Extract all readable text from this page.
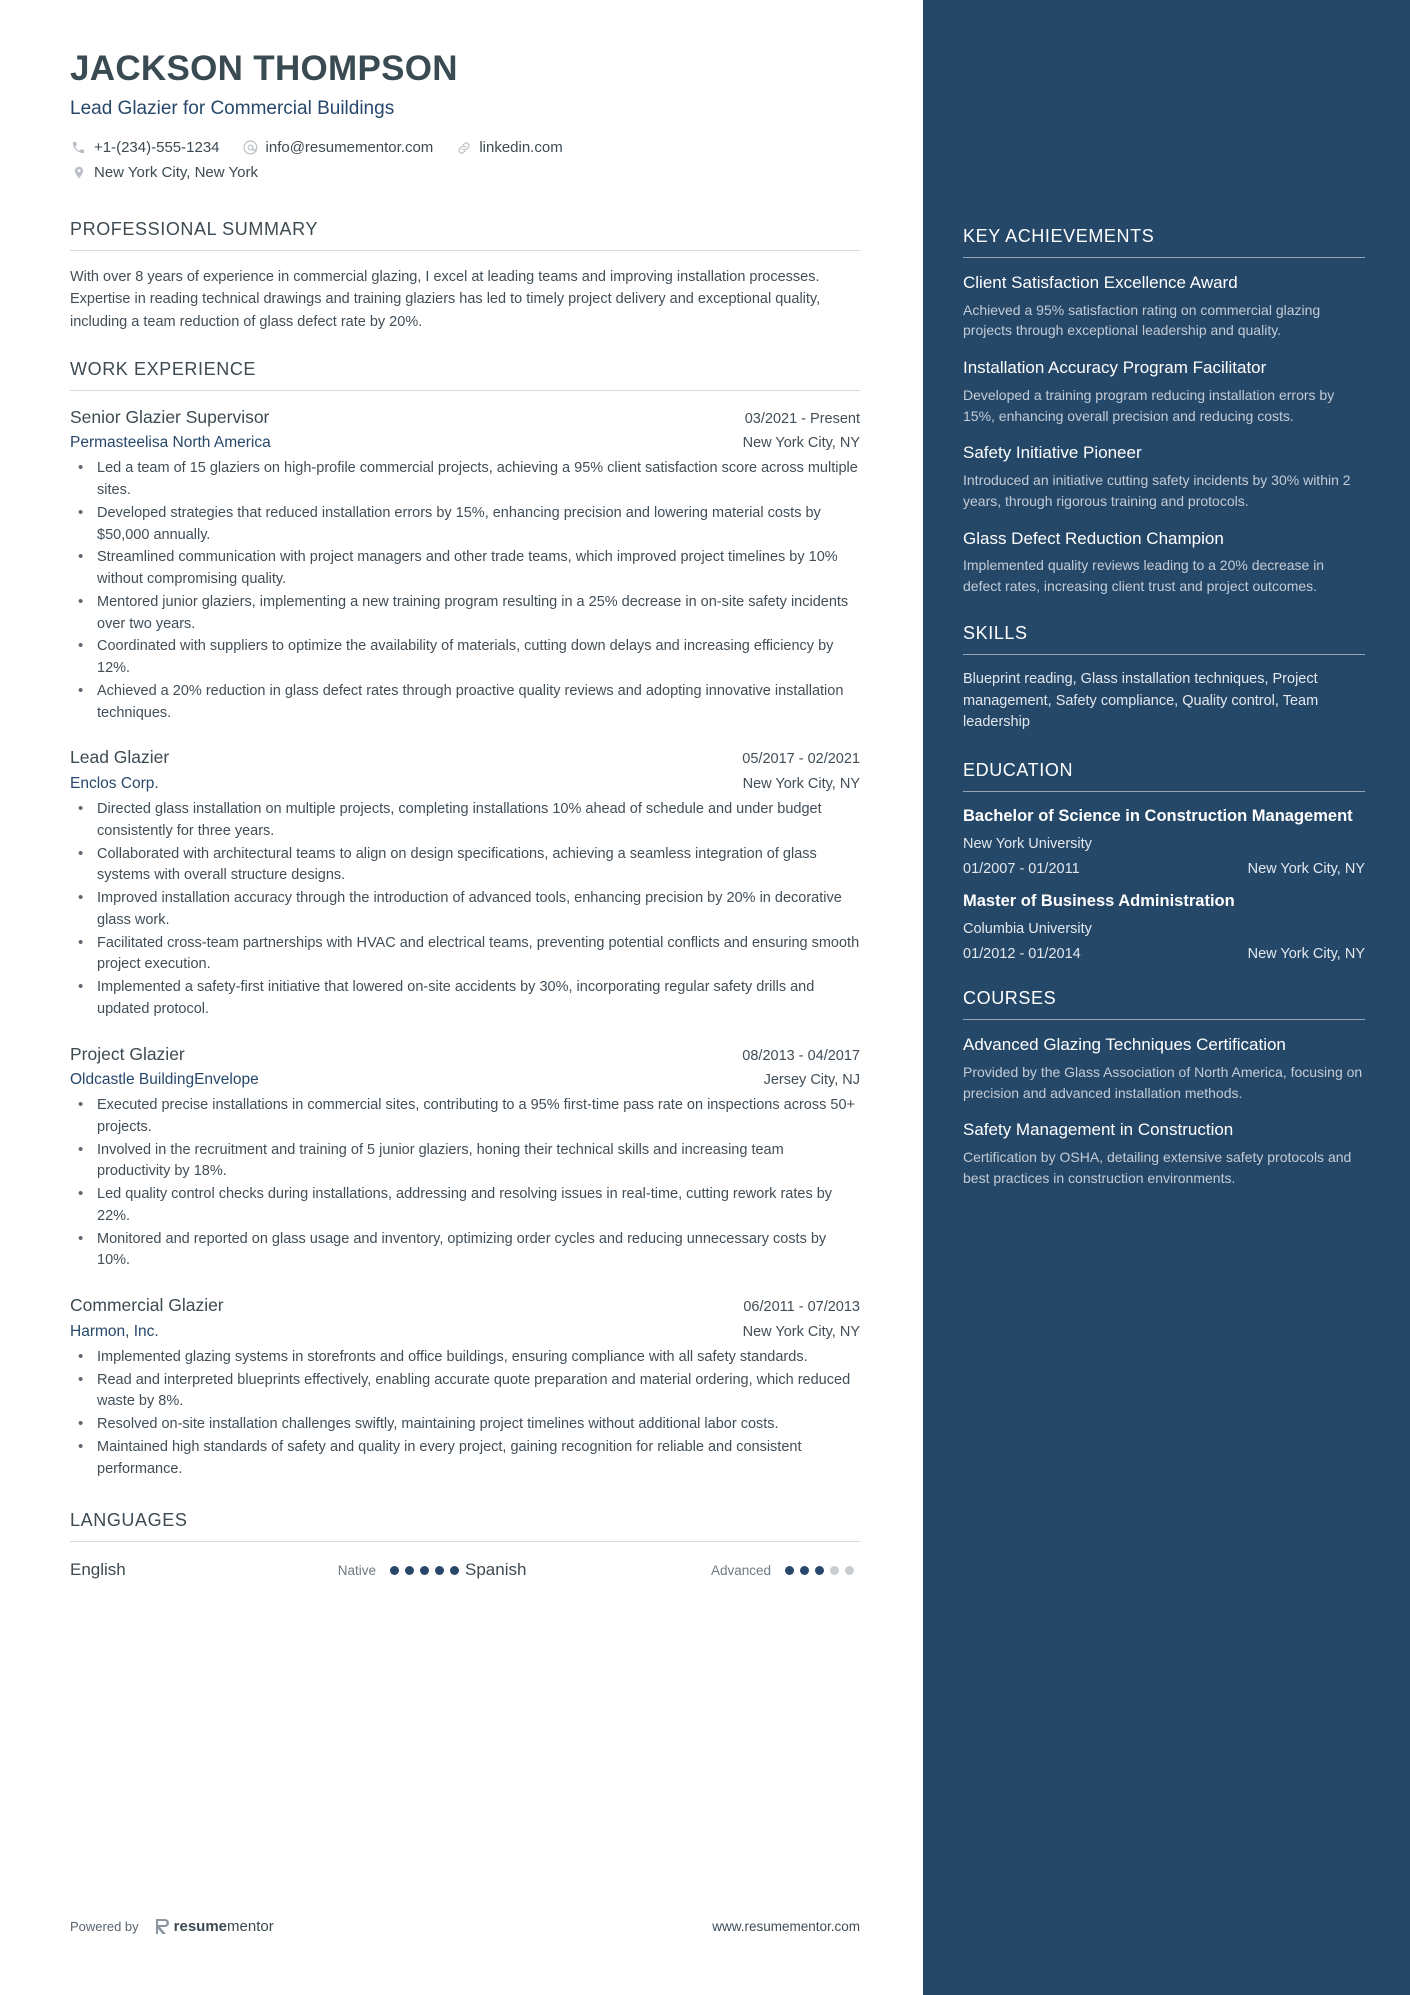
JACKSON THOMPSON
Lead Glazier for Commercial Buildings
+1-(234)-555-1234	info@resumementor.com	linkedin.com
New York City, New York
PROFESSIONAL SUMMARY
With over 8 years of experience in commercial glazing, I excel at leading teams and improving installation processes. Expertise in reading technical drawings and training glaziers has led to timely project delivery and exceptional quality, including a team reduction of glass defect rate by 20%.
WORK EXPERIENCE
Senior Glazier Supervisor	03/2021 - Present
Permasteelisa North America	New York City, NY
• Led a team of 15 glaziers on high-profile commercial projects, achieving a 95% client satisfaction score across multiple sites.
• Developed strategies that reduced installation errors by 15%, enhancing precision and lowering material costs by $50,000 annually.
• Streamlined communication with project managers and other trade teams, which improved project timelines by 10% without compromising quality.
• Mentored junior glaziers, implementing a new training program resulting in a 25% decrease in on-site safety incidents over two years.
• Coordinated with suppliers to optimize the availability of materials, cutting down delays and increasing efficiency by 12%.
• Achieved a 20% reduction in glass defect rates through proactive quality reviews and adopting innovative installation techniques.
Lead Glazier	05/2017 - 02/2021
Enclos Corp.	New York City, NY
• Directed glass installation on multiple projects, completing installations 10% ahead of schedule and under budget consistently for three years.
• Collaborated with architectural teams to align on design specifications, achieving a seamless integration of glass systems with overall structure designs.
• Improved installation accuracy through the introduction of advanced tools, enhancing precision by 20% in decorative glass work.
• Facilitated cross-team partnerships with HVAC and electrical teams, preventing potential conflicts and ensuring smooth project execution.
• Implemented a safety-first initiative that lowered on-site accidents by 30%, incorporating regular safety drills and updated protocol.
Project Glazier	08/2013 - 04/2017
Oldcastle BuildingEnvelope	Jersey City, NJ
• Executed precise installations in commercial sites, contributing to a 95% first-time pass rate on inspections across 50+ projects.
• Involved in the recruitment and training of 5 junior glaziers, honing their technical skills and increasing team productivity by 18%.
• Led quality control checks during installations, addressing and resolving issues in real-time, cutting rework rates by 22%.
• Monitored and reported on glass usage and inventory, optimizing order cycles and reducing unnecessary costs by 10%.
Commercial Glazier	06/2011 - 07/2013
Harmon, Inc.	New York City, NY
• Implemented glazing systems in storefronts and office buildings, ensuring compliance with all safety standards.
• Read and interpreted blueprints effectively, enabling accurate quote preparation and material ordering, which reduced waste by 8%.
• Resolved on-site installation challenges swiftly, maintaining project timelines without additional labor costs.
• Maintained high standards of safety and quality in every project, gaining recognition for reliable and consistent performance.
LANGUAGES
English	Native	Spanish	Advanced
Powered by resume mentor	www.resumementor.com
KEY ACHIEVEMENTS
Client Satisfaction Excellence Award
Achieved a 95% satisfaction rating on commercial glazing projects through exceptional leadership and quality.
Installation Accuracy Program Facilitator
Developed a training program reducing installation errors by 15%, enhancing overall precision and reducing costs.
Safety Initiative Pioneer
Introduced an initiative cutting safety incidents by 30% within 2 years, through rigorous training and protocols.
Glass Defect Reduction Champion
Implemented quality reviews leading to a 20% decrease in defect rates, increasing client trust and project outcomes.
SKILLS
Blueprint reading, Glass installation techniques, Project management, Safety compliance, Quality control, Team leadership
EDUCATION
Bachelor of Science in Construction Management
New York University
01/2007 - 01/2011	New York City, NY
Master of Business Administration
Columbia University
01/2012 - 01/2014	New York City, NY
COURSES
Advanced Glazing Techniques Certification
Provided by the Glass Association of North America, focusing on precision and advanced installation methods.
Safety Management in Construction
Certification by OSHA, detailing extensive safety protocols and best practices in construction environments.
